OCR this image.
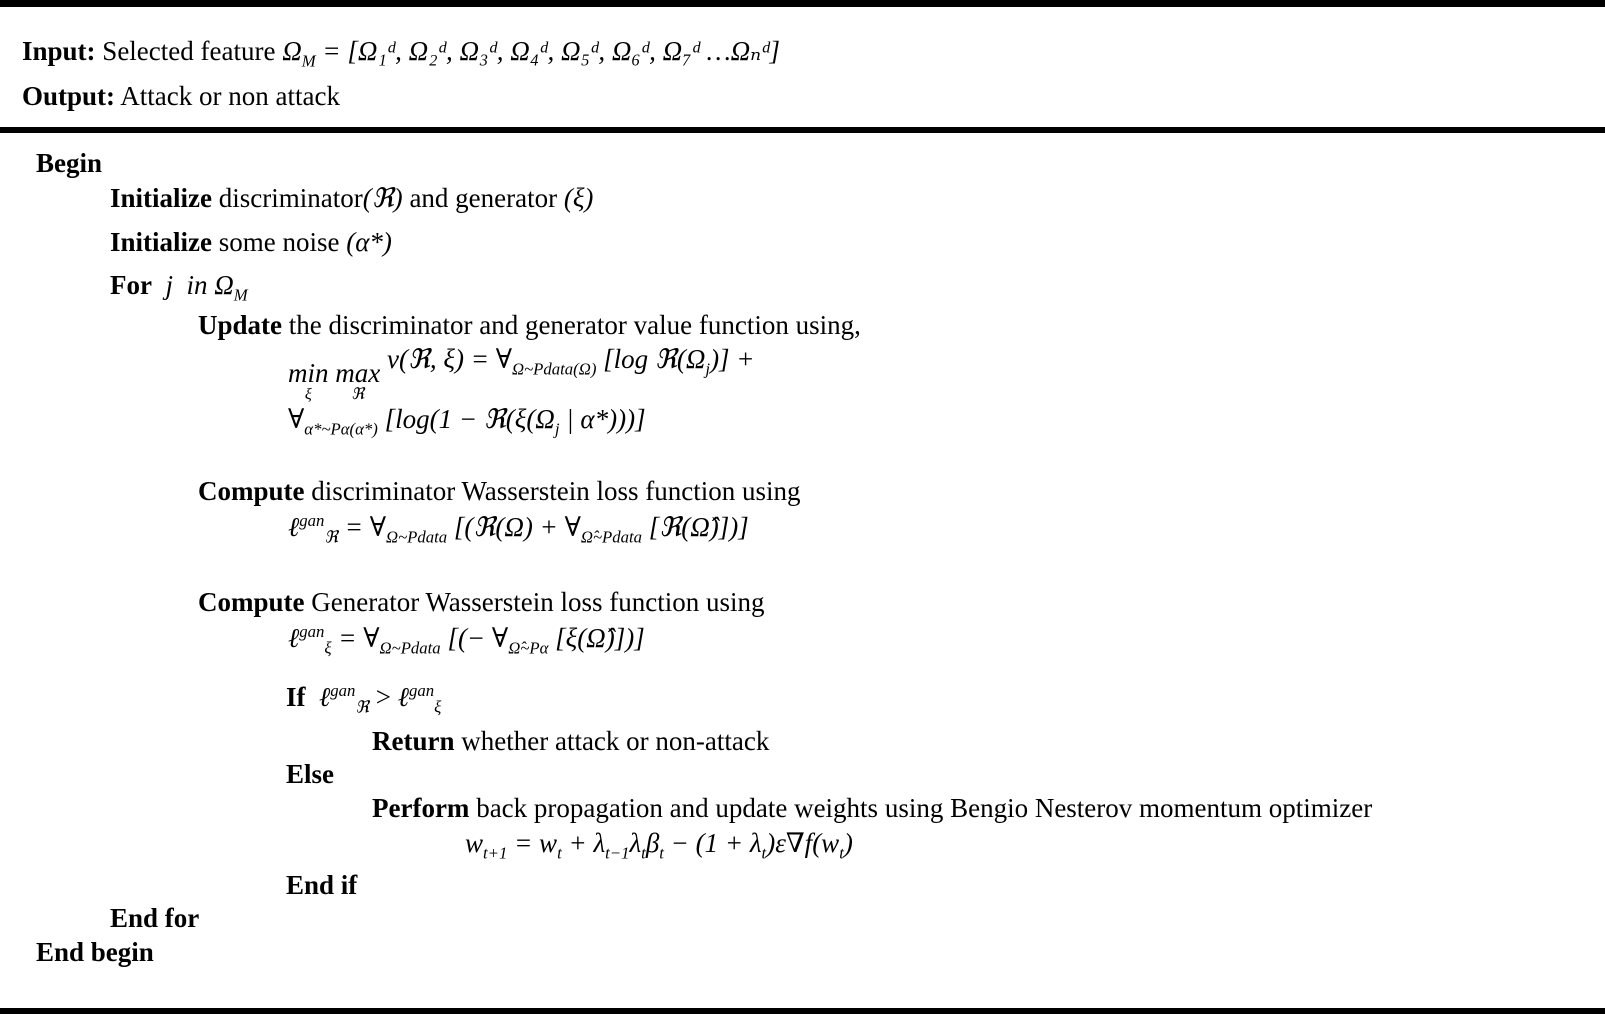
Input: Selected feature $\Omega_M$ = [Ω₁ᵈ, Ω₂ᵈ, Ω₃ᵈ, Ω₄ᵈ, Ω₅ᵈ, Ω₆ᵈ, Ω₇ᵈ …Ωₙᵈ]
Output: Attack or non attack
Begin
Initialize discriminator(ℜ) and generator (ξ)
Initialize some noise (α*)
For j in $\Omega_M$
Update the discriminator and generator value function using,
min
ξ

max
ℜ
ν(ℜ, $\xi) = \forall_{\Omega\sim Pdata(\Omega)}$ [log $ℜ(\Omega_j)$] +
$\forall_{\alpha*\sim P\alpha(\alpha*)}$ [$\log(1 - ℜ(\xi(\Omega_j$ | α*)))]
Compute discriminator Wasserstein loss function using
ℓ$^{gan}_ℜ$ = $\forall_{\Omega\sim Pdata}$ [(ℜ(Ω) + $\forall_{\Omegâ\sim Pdata}$ [ℜ(Ω̂)])]
Compute Generator Wasserstein loss function using
ℓ$^{gan}_\xi$ = $\forall_{\Omega\sim Pdata}$ [(− $\forall_{\Omegâ\sim P\alpha}$ [ξ(Ω̂)])]
If ℓ$^{gan}_ℜ$ > ℓ$^{gan}_\xi$
Return whether attack or non-attack
Else
Perform back propagation and update weights using Bengio Nesterov momentum optimizer
$w_{t+1} = w_t + \lambda_{t-1}\lambda_t\beta_t - (1 + \lambda_t)\varepsilon\nabla f(w_t)$
End if
End for
End begin
